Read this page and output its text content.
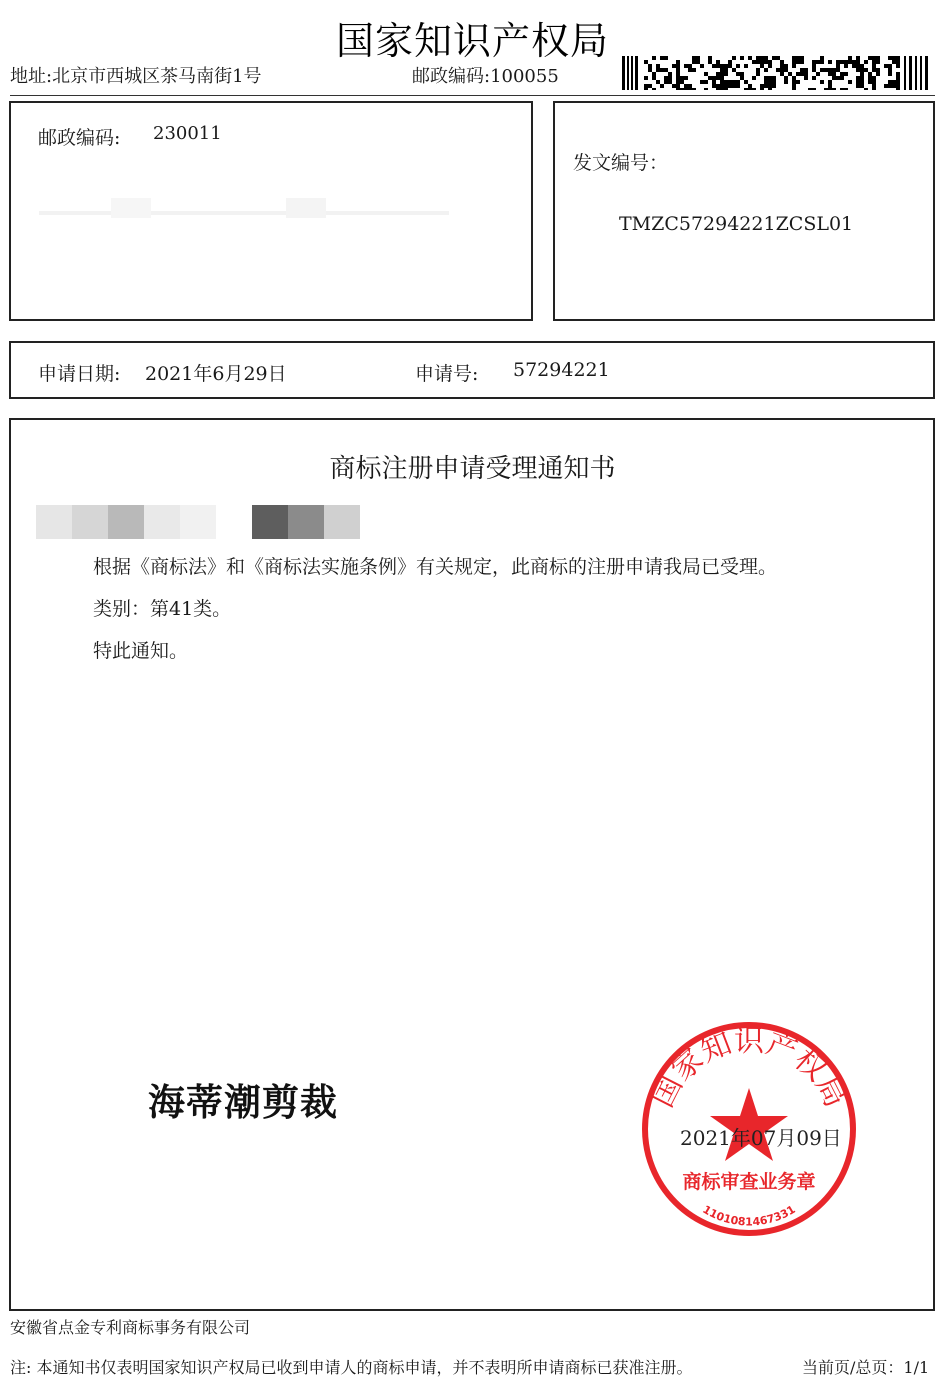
国家知识产权局
地址:北京市西城区茶马南街1号	邮政编码:100055
邮政编码: 230011
发文编号：
TMZC57294221ZCSL01
申请日期: 2021年6月29日	申请号: 57294221
商标注册申请受理通知书
根据《商标法》和《商标法实施条例》有关规定，此商标的注册申请我局已受理。
类别：第41类。
特此通知。
海蒂潮剪裁	国家知识产权局
商标审查业务章
1101081467331
2021年07月09日
安徽省点金专利商标事务有限公司
注: 本通知书仅表明国家知识产权局已收到申请人的商标申请，并不表明所申请商标已获准注册。	当前页/总页：1/1
